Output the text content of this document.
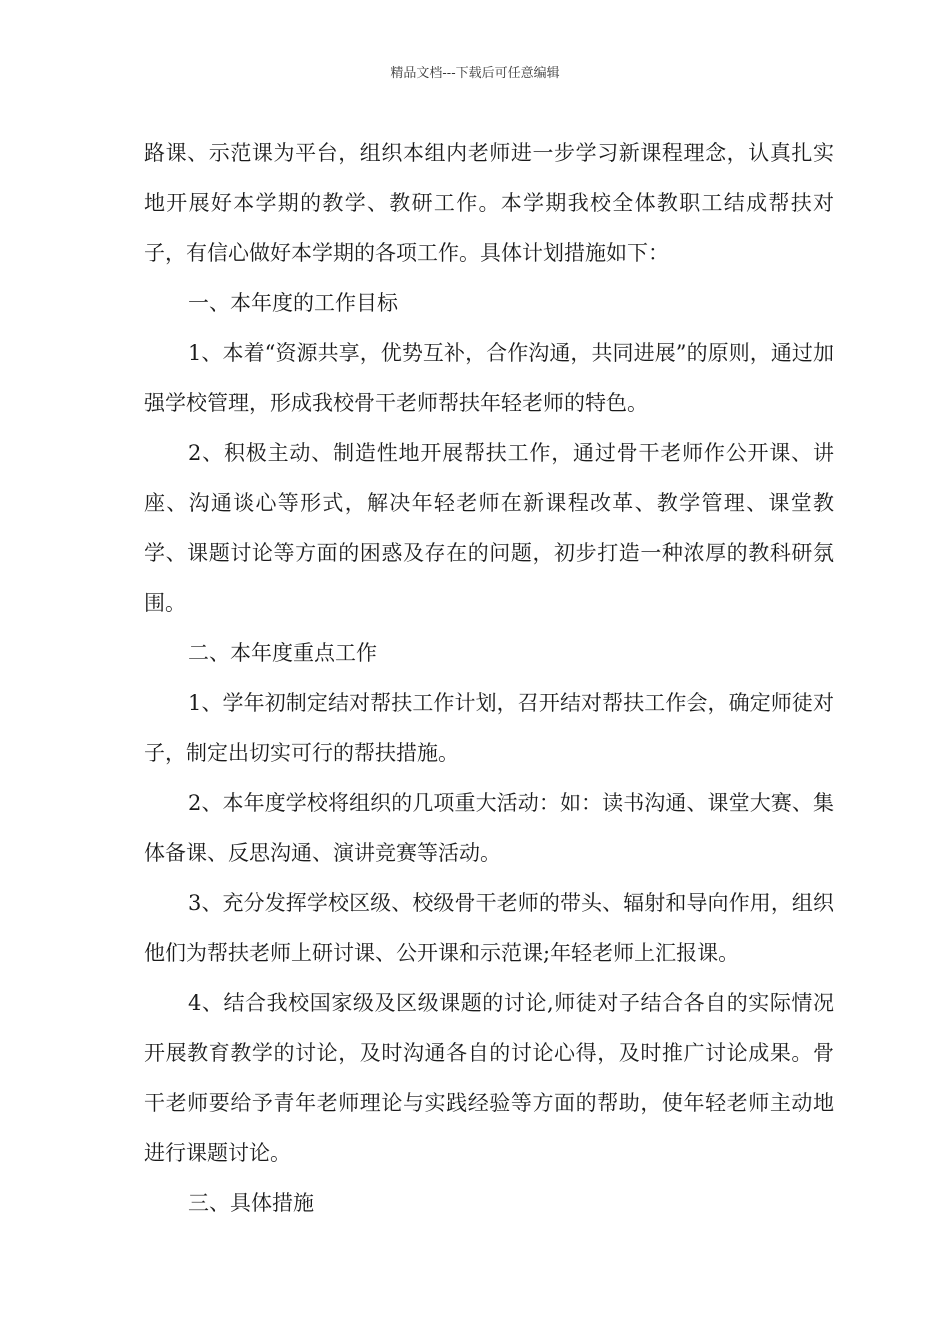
精品文档---下载后可任意编辑

路课、示范课为平台，组织本组内老师进一步学习新课程理念，认真扎实地开展好本学期的教学、教研工作。本学期我校全体教职工结成帮扶对子，有信心做好本学期的各项工作。具体计划措施如下：

一、本年度的工作目标

1、本着“资源共享，优势互补，合作沟通，共同进展”的原则，通过加强学校管理，形成我校骨干老师帮扶年轻老师的特色。

2、积极主动、制造性地开展帮扶工作，通过骨干老师作公开课、讲座、沟通谈心等形式，解决年轻老师在新课程改革、教学管理、课堂教学、课题讨论等方面的困惑及存在的问题，初步打造一种浓厚的教科研氛围。

二、本年度重点工作

1、学年初制定结对帮扶工作计划，召开结对帮扶工作会，确定师徒对子，制定出切实可行的帮扶措施。

2、本年度学校将组织的几项重大活动：如：读书沟通、课堂大赛、集体备课、反思沟通、演讲竞赛等活动。

3、充分发挥学校区级、校级骨干老师的带头、辐射和导向作用，组织他们为帮扶老师上研讨课、公开课和示范课;年轻老师上汇报课。

4、结合我校国家级及区级课题的讨论,师徒对子结合各自的实际情况开展教育教学的讨论，及时沟通各自的讨论心得，及时推广讨论成果。骨干老师要给予青年老师理论与实践经验等方面的帮助，使年轻老师主动地进行课题讨论。

三、具体措施
